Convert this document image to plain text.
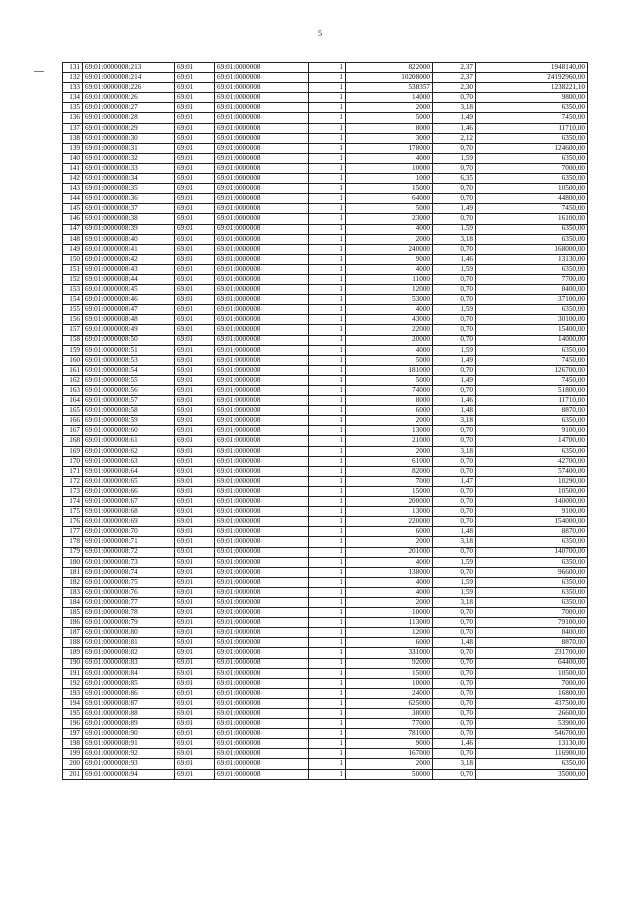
5
131	69:01:0000008:213	69:01	69:01:0000008	1	822000	2,37	1948140,00
132	69:01:0000008:214	69:01	69:01:0000008	1	10208000	2,37	24192960,00
133	69:01:0000008:226	69:01	69:01:0000008	1	538357	2,30	1238221,10
134	69:01:0000008:26	69:01	69:01:0000008	1	14000	0,70	9800,00
135	69:01:0000008:27	69:01	69:01:0000008	1	2000	3,18	6350,00
136	69:01:0000008:28	69:01	69:01:0000008	1	5000	1,49	7450,00
137	69:01:0000008:29	69:01	69:01:0000008	1	8000	1,46	11710,00
138	69:01:0000008:30	69:01	69:01:0000008	1	3000	2,12	6350,00
139	69:01:0000008:31	69:01	69:01:0000008	1	178000	0,70	124600,00
140	69:01:0000008:32	69:01	69:01:0000008	1	4000	1,59	6350,00
141	69:01:0000008:33	69:01	69:01:0000008	1	10000	0,70	7000,00
142	69:01:0000008:34	69:01	69:01:0000008	1	1000	6,35	6350,00
143	69:01:0000008:35	69:01	69:01:0000008	1	15000	0,70	10500,00
144	69:01:0000008:36	69:01	69:01:0000008	1	64000	0,70	44800,00
145	69:01:0000008:37	69:01	69:01:0000008	1	5000	1,49	7450,00
146	69:01:0000008:38	69:01	69:01:0000008	1	23000	0,70	16100,00
147	69:01:0000008:39	69:01	69:01:0000008	1	4000	1,59	6350,00
148	69:01:0000008:40	69:01	69:01:0000008	1	2000	3,18	6350,00
149	69:01:0000008:41	69:01	69:01:0000008	1	240000	0,70	168000,00
150	69:01:0000008:42	69:01	69:01:0000008	1	9000	1,46	13130,00
151	69:01:0000008:43	69:01	69:01:0000008	1	4000	1,59	6350,00
152	69:01:0000008:44	69:01	69:01:0000008	1	11000	0,70	7700,00
153	69:01:0000008:45	69:01	69:01:0000008	1	12000	0,70	8400,00
154	69:01:0000008:46	69:01	69:01:0000008	1	53000	0,70	37100,00
155	69:01:0000008:47	69:01	69:01:0000008	1	4000	1,59	6350,00
156	69:01:0000008:48	69:01	69:01:0000008	1	43000	0,70	30100,00
157	69:01:0000008:49	69:01	69:01:0000008	1	22000	0,70	15400,00
158	69:01:0000008:50	69:01	69:01:0000008	1	20000	0,70	14000,00
159	69:01:0000008:51	69:01	69:01:0000008	1	4000	1,59	6350,00
160	69:01:0000008:53	69:01	69:01:0000008	1	5000	1,49	7450,00
161	69:01:0000008:54	69:01	69:01:0000008	1	181000	0,70	126700,00
162	69:01:0000008:55	69:01	69:01:0000008	1	5000	1,49	7450,00
163	69:01:0000008:56	69:01	69:01:0000008	1	74000	0,70	51800,00
164	69:01:0000008:57	69:01	69:01:0000008	1	8000	1,46	11710,00
165	69:01:0000008:58	69:01	69:01:0000008	1	6000	1,48	8870,00
166	69:01:0000008:59	69:01	69:01:0000008	1	2000	3,18	6350,00
167	69:01:0000008:60	69:01	69:01:0000008	1	13000	0,70	9100,00
168	69:01:0000008:61	69:01	69:01:0000008	1	21000	0,70	14700,00
169	69:01:0000008:62	69:01	69:01:0000008	1	2000	3,18	6350,00
170	69:01:0000008:63	69:01	69:01:0000008	1	61000	0,70	42700,00
171	69:01:0000008:64	69:01	69:01:0000008	1	82000	0,70	57400,00
172	69:01:0000008:65	69:01	69:01:0000008	1	7000	1,47	10290,00
173	69:01:0000008:66	69:01	69:01:0000008	1	15000	0,70	10500,00
174	69:01:0000008:67	69:01	69:01:0000008	1	200000	0,70	140000,00
175	69:01:0000008:68	69:01	69:01:0000008	1	13000	0,70	9100,00
176	69:01:0000008:69	69:01	69:01:0000008	1	220000	0,70	154000,00
177	69:01:0000008:70	69:01	69:01:0000008	1	6000	1,48	8870,00
178	69:01:0000008:71	69:01	69:01:0000008	1	2000	3,18	6350,00
179	69:01:0000008:72	69:01	69:01:0000008	1	201000	0,70	140700,00
180	69:01:0000008:73	69:01	69:01:0000008	1	4000	1,59	6350,00
181	69:01:0000008:74	69:01	69:01:0000008	1	138000	0,70	96600,00
182	69:01:0000008:75	69:01	69:01:0000008	1	4000	1,59	6350,00
183	69:01:0000008:76	69:01	69:01:0000008	1	4000	1,59	6350,00
184	69:01:0000008:77	69:01	69:01:0000008	1	2000	3,18	6350,00
185	69:01:0000008:78	69:01	69:01:0000008	1	10000	0,70	7000,00
186	69:01:0000008:79	69:01	69:01:0000008	1	113000	0,70	79100,00
187	69:01:0000008:80	69:01	69:01:0000008	1	12000	0,70	8400,00
188	69:01:0000008:81	69:01	69:01:0000008	1	6000	1,48	8870,00
189	69:01:0000008:82	69:01	69:01:0000008	1	331000	0,70	231700,00
190	69:01:0000008:83	69:01	69:01:0000008	1	92000	0,70	64400,00
191	69:01:0000008:84	69:01	69:01:0000008	1	15000	0,70	10500,00
192	69:01:0000008:85	69:01	69:01:0000008	1	10000	0,70	7000,00
193	69:01:0000008:86	69:01	69:01:0000008	1	24000	0,70	16800,00
194	69:01:0000008:87	69:01	69:01:0000008	1	625000	0,70	437500,00
195	69:01:0000008:88	69:01	69:01:0000008	1	38000	0,70	26600,00
196	69:01:0000008:89	69:01	69:01:0000008	1	77000	0,70	53900,00
197	69:01:0000008:90	69:01	69:01:0000008	1	781000	0,70	546700,00
198	69:01:0000008:91	69:01	69:01:0000008	1	9000	1,46	13130,00
199	69:01:0000008:92	69:01	69:01:0000008	1	167000	0,70	116900,00
200	69:01:0000008:93	69:01	69:01:0000008	1	2000	3,18	6350,00
201	69:01:0000008:94	69:01	69:01:0000008	1	50000	0,70	35000,00
